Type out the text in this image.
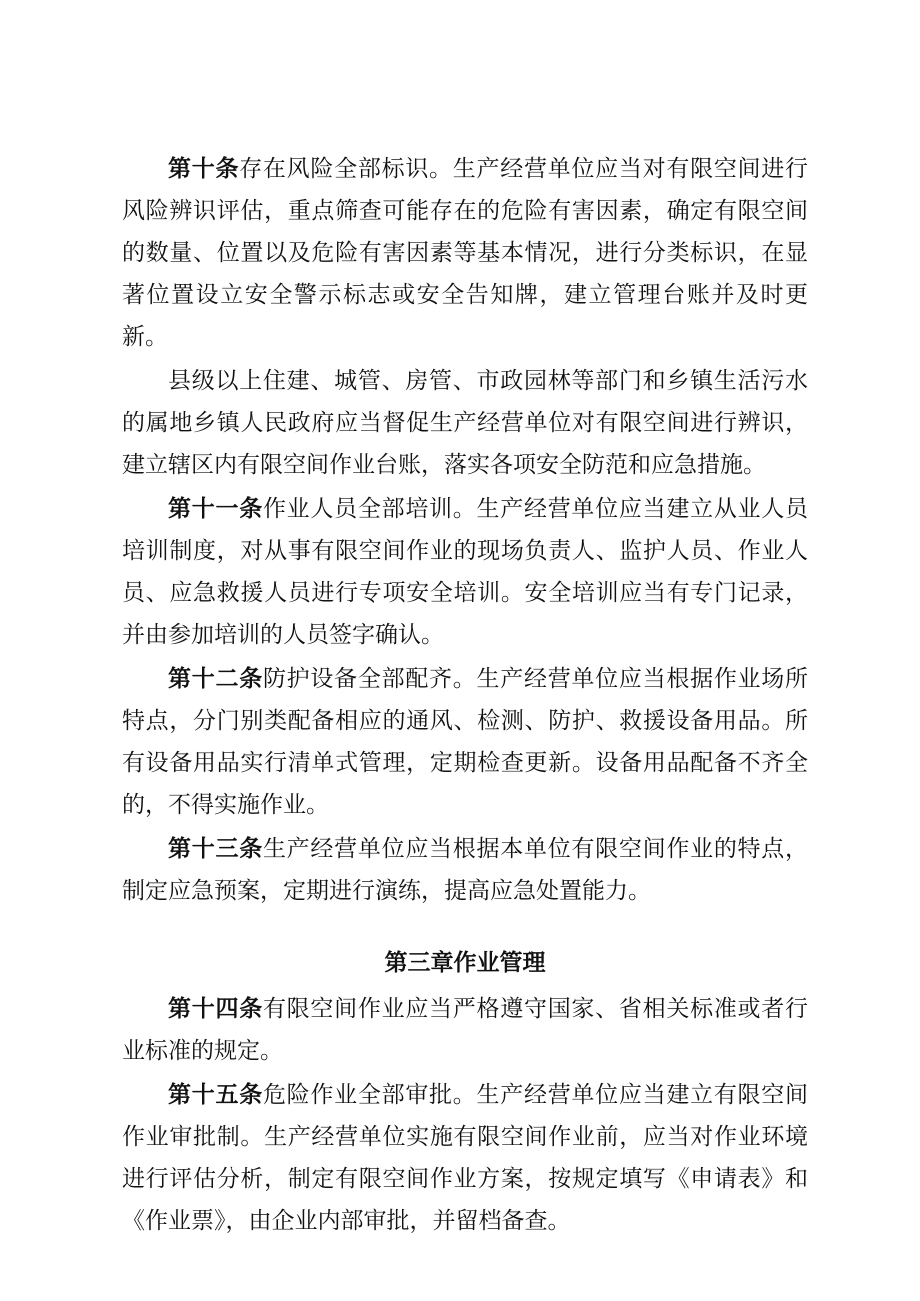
第十条存在风险全部标识。生产经营单位应当对有限空间进行风险辨识评估，重点筛查可能存在的危险有害因素，确定有限空间的数量、位置以及危险有害因素等基本情况，进行分类标识，在显著位置设立安全警示标志或安全告知牌，建立管理台账并及时更新。

县级以上住建、城管、房管、市政园林等部门和乡镇生活污水的属地乡镇人民政府应当督促生产经营单位对有限空间进行辨识，建立辖区内有限空间作业台账，落实各项安全防范和应急措施。

第十一条作业人员全部培训。生产经营单位应当建立从业人员培训制度，对从事有限空间作业的现场负责人、监护人员、作业人员、应急救援人员进行专项安全培训。安全培训应当有专门记录，并由参加培训的人员签字确认。

第十二条防护设备全部配齐。生产经营单位应当根据作业场所特点，分门别类配备相应的通风、检测、防护、救援设备用品。所有设备用品实行清单式管理，定期检查更新。设备用品配备不齐全的，不得实施作业。

第十三条生产经营单位应当根据本单位有限空间作业的特点，制定应急预案，定期进行演练，提高应急处置能力。

第三章作业管理

第十四条有限空间作业应当严格遵守国家、省相关标准或者行业标准的规定。

第十五条危险作业全部审批。生产经营单位应当建立有限空间作业审批制。生产经营单位实施有限空间作业前，应当对作业环境进行评估分析，制定有限空间作业方案，按规定填写《申请表》和《作业票》，由企业内部审批，并留档备查。
